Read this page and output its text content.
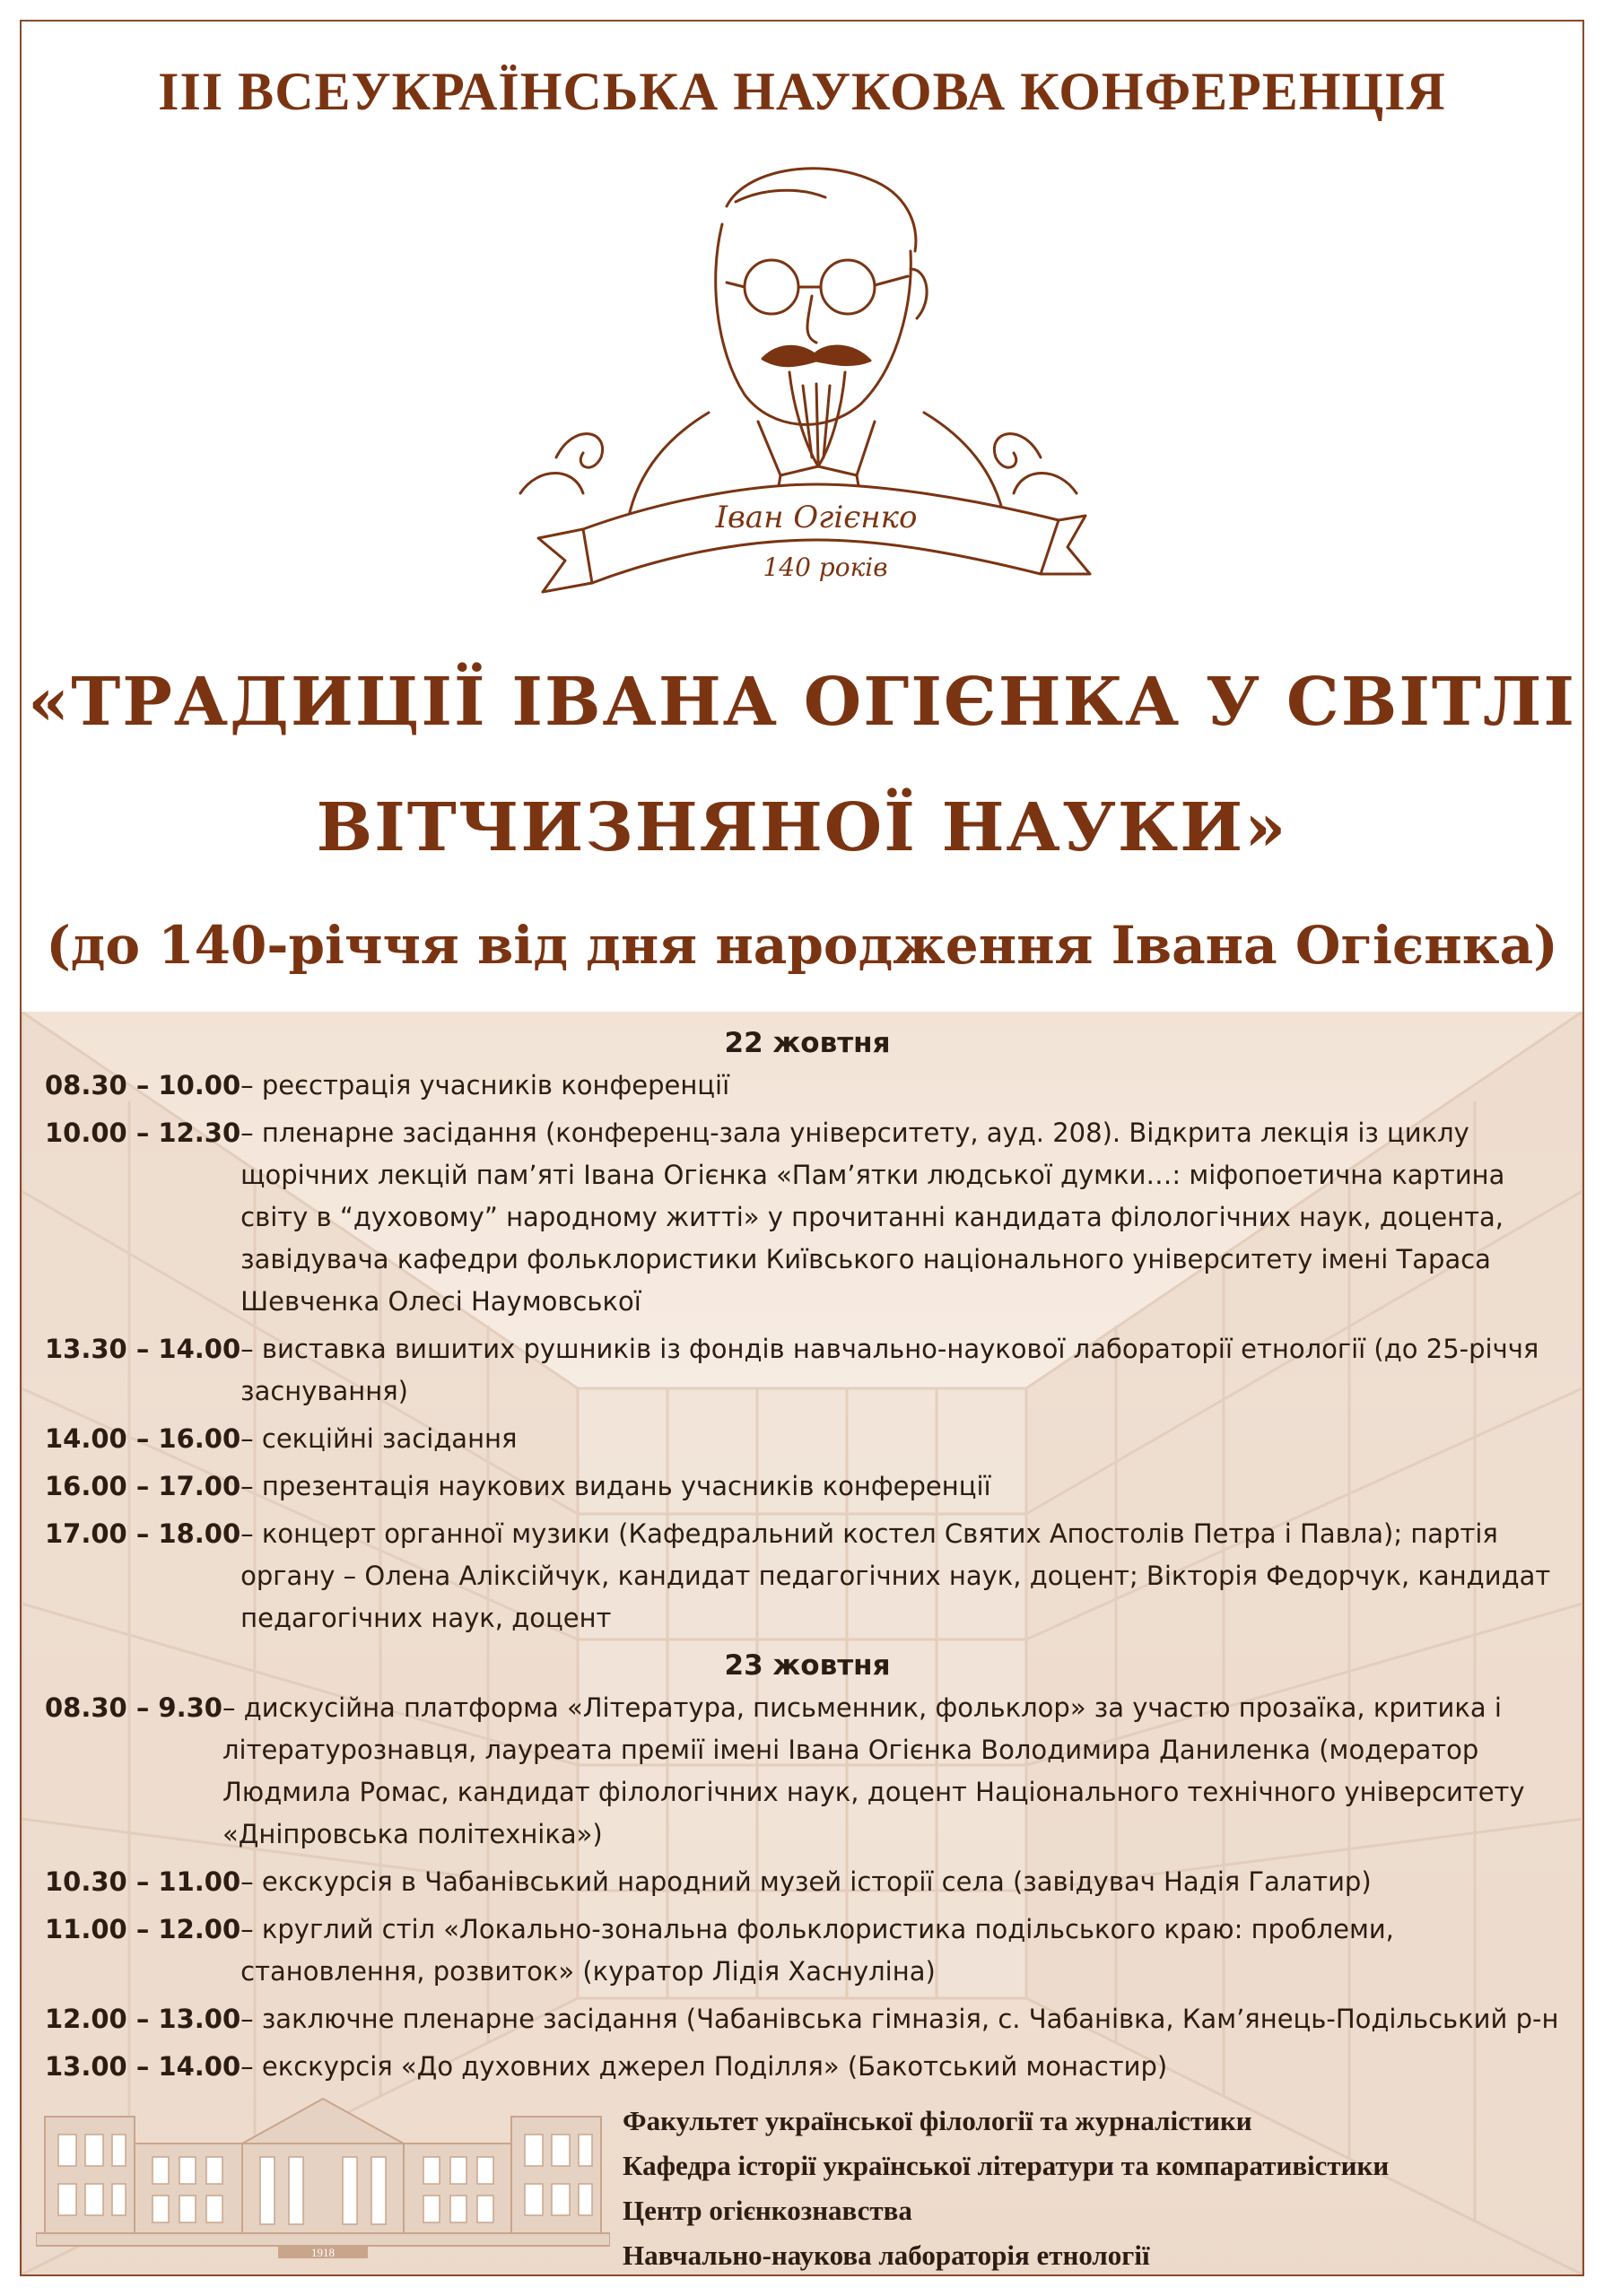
III ВСЕУКРАЇНСЬКА НАУКОВА КОНФЕРЕНЦІЯ
Іван Огієнко
140 років
«ТРАДИЦІЇ ІВАНА ОГІЄНКА У СВІТЛІ
ВІТЧИЗНЯНОЇ НАУКИ»
(до 140-річчя від дня народження Івана Огієнка)
22 жовтня
08.30 – 10.00 – реєстрація учасників конференції
10.00 – 12.30 – пленарне засідання (конференц-зала університету, ауд. 208). Відкрита лекція із циклу щорічних лекцій пам’яті Івана Огієнка «Пам’ятки людської думки…: міфопоетична картина світу в “духовому” народному житті» у прочитанні кандидата філологічних наук, доцента, завідувача кафедри фольклористики Київського національного університету імені Тараса Шевченка Олесі Наумовської
13.30 – 14.00 – виставка вишитих рушників із фондів навчально-наукової лабораторії етнології (до 25-річчя заснування)
14.00 – 16.00 – секційні засідання
16.00 – 17.00 – презентація наукових видань учасників конференції
17.00 – 18.00 – концерт органної музики (Кафедральний костел Святих Апостолів Петра і Павла); партія органу – Олена Аліксійчук, кандидат педагогічних наук, доцент; Вікторія Федорчук, кандидат педагогічних наук, доцент
23 жовтня
08.30 – 9.30 – дискусійна платформа «Література, письменник, фольклор» за участю прозаїка, критика і літературознавця, лауреата премії імені Івана Огієнка Володимира Даниленка (модератор Людмила Ромас, кандидат філологічних наук, доцент Національного технічного університету «Дніпровська політехніка»)
10.30 – 11.00 – екскурсія в Чабанівський народний музей історії села (завідувач Надія Галатир)
11.00 – 12.00 – круглий стіл «Локально-зональна фольклористика подільського краю: проблеми, становлення, розвиток» (куратор Лідія Хаснуліна)
12.00 – 13.00 – заключне пленарне засідання (Чабанівська гімназія, с. Чабанівка, Кам’янець-Подільський р-н
13.00 – 14.00 – екскурсія «До духовних джерел Поділля» (Бакотський монастир)
1918
Факультет української філології та журналістики
Кафедра історії української літератури та компаративістики
Центр огієнкознавства
Навчально-наукова лабораторія етнології
